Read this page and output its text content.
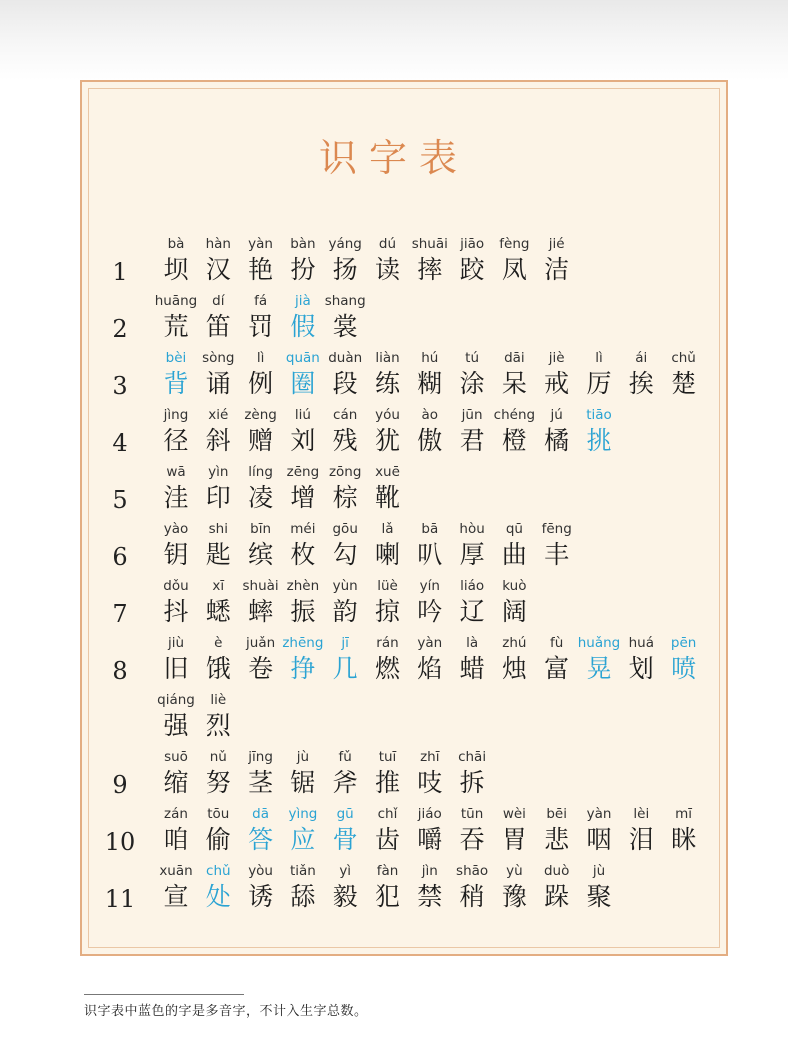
识字表
1
bà
坝
hàn
汉
yàn
艳
bàn
扮
yáng
扬
dú
读
shuāi
摔
jiāo
跤
fèng
凤
jié
洁
2
huāng
荒
dí
笛
fá
罚
jià
假
shang
裳
3
bèi
背
sòng
诵
lì
例
quān
圈
duàn
段
liàn
练
hú
糊
tú
涂
dāi
呆
jiè
戒
lì
厉
ái
挨
chǔ
楚
4
jìng
径
xié
斜
zèng
赠
liú
刘
cán
残
yóu
犹
ào
傲
jūn
君
chéng
橙
jú
橘
tiāo
挑
5
wā
洼
yìn
印
líng
凌
zēng
增
zōng
棕
xuē
靴
6
yào
钥
shi
匙
bīn
缤
méi
枚
gōu
勾
lǎ
喇
bā
叭
hòu
厚
qū
曲
fēng
丰
7
dǒu
抖
xī
蟋
shuài
蟀
zhèn
振
yùn
韵
lüè
掠
yín
吟
liáo
辽
kuò
阔
8
jiù
旧
è
饿
juǎn
卷
zhēng
挣
jī
几
rán
燃
yàn
焰
là
蜡
zhú
烛
fù
富
huǎng
晃
huá
划
pēn
喷
qiáng
强
liè
烈
9
suō
缩
nǔ
努
jīng
茎
jù
锯
fǔ
斧
tuī
推
zhī
吱
chāi
拆
10
zán
咱
tōu
偷
dā
答
yìng
应
gū
骨
chǐ
齿
jiáo
嚼
tūn
吞
wèi
胃
bēi
悲
yàn
咽
lèi
泪
mī
眯
11
xuān
宣
chǔ
处
yòu
诱
tiǎn
舔
yì
毅
fàn
犯
jìn
禁
shāo
稍
yù
豫
duò
跺
jù
聚
识字表中蓝色的字是多音字，不计入生字总数。
